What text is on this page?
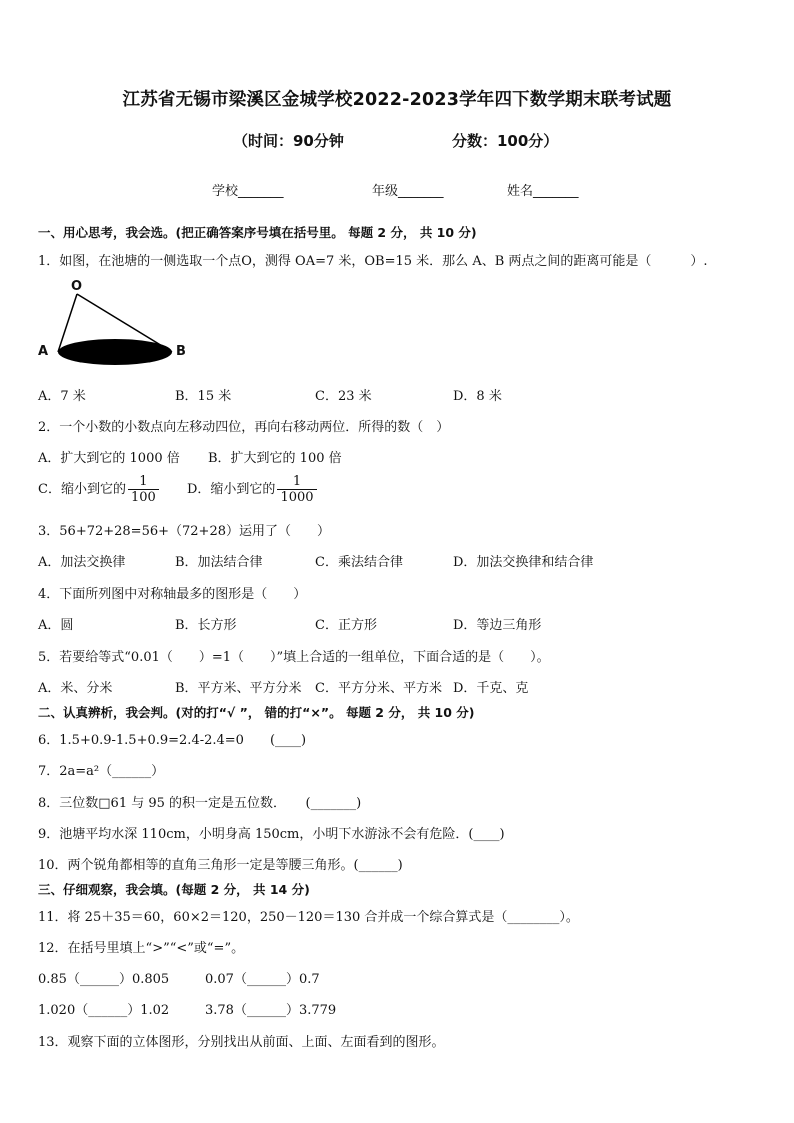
江苏省无锡市梁溪区金城学校2022-2023学年四下数学期末联考试题
（时间：90分钟	分数：100分）
学校_______	年级_______	姓名_______
一、用心思考，我会选。(把正确答案序号填在括号里。 每题 2 分， 共 10 分)
1．如图，在池塘的一侧选取一个点O，测得 OA=7 米，OB=15 米．那么 A、B 两点之间的距离可能是（　　　）.
O
A	B
A．7 米	B．15 米	C．23 米	D．8 米
2．一个小数的小数点向左移动四位，再向右移动两位．所得的数（　）
A．扩大到它的 1000 倍 B．扩大到它的 100 倍
C．缩小到它的 $\frac{1}{100}$ D．缩小到它的 $\frac{1}{1000}$
3．56+72+28=56+（72+28）运用了（　　）
A．加法交换律	B．加法结合律	C．乘法结合律	D．加法交换律和结合律
4．下面所列图中对称轴最多的图形是（　　）
A．圆	B．长方形	C．正方形	D．等边三角形
5．若要给等式“0.01（　　）=1（　　）”填上合适的一组单位，下面合适的是（　　）。
A．米、分米	B．平方米、平方分米 C．平方分米、平方米 D．千克、克
二、认真辨析，我会判。(对的打“√ ”， 错的打“×”。 每题 2 分， 共 10 分)
6．1.5+0.9-1.5+0.9=2.4-2.4=0　　(____)
7．2a=a²（______）
8．三位数□61 与 95 的积一定是五位数．　　(_______)
9．池塘平均水深 110cm，小明身高 150cm，小明下水游泳不会有危险．(____)
10．两个锐角都相等的直角三角形一定是等腰三角形。(______)
三、仔细观察，我会填。(每题 2 分， 共 14 分)
11．将 25＋35＝60，60×2＝120，250－120＝130 合并成一个综合算式是（________）。
12．在括号里填上“>”“<”或“=”。
0.85（______）0.805	0.07（______）0.7
1.020（______）1.02	3.78（______）3.779
13．观察下面的立体图形，分别找出从前面、上面、左面看到的图形。
